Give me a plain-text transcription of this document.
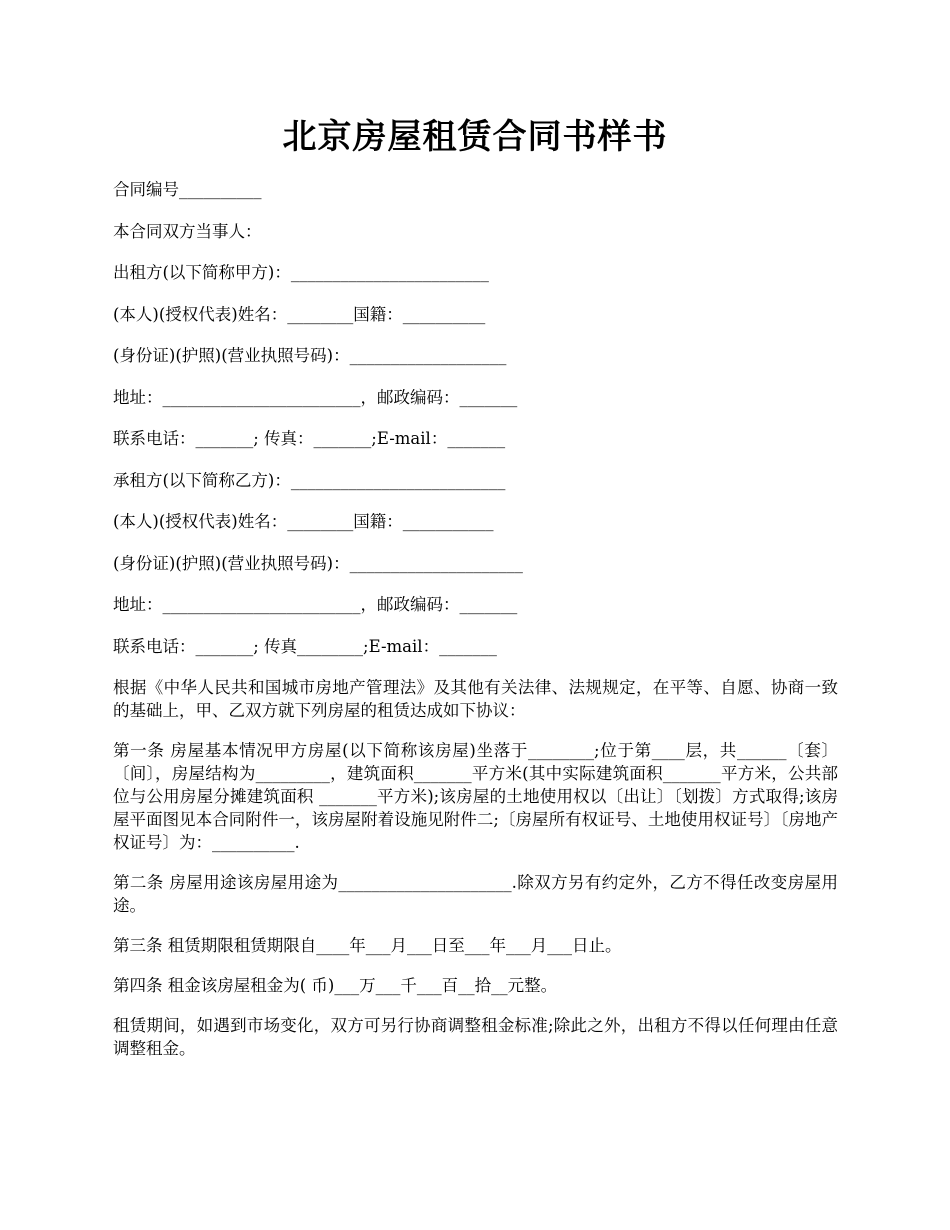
北京房屋租赁合同书样书
合同编号__________
本合同双方当事人：
出租方(以下简称甲方)：________________________
(本人)(授权代表)姓名：________国籍：__________
(身份证)(护照)(营业执照号码)：___________________
地址：________________________，邮政编码：_______
联系电话：_______; 传真：_______;E-mail：_______
承租方(以下简称乙方)：__________________________
(本人)(授权代表)姓名：________国籍：___________
(身份证)(护照)(营业执照号码)：_____________________
地址：________________________，邮政编码：_______
联系电话：_______; 传真________;E-mail：_______
根据《中华人民共和国城市房地产管理法》及其他有关法律、法规规定，在平等、自愿、协商一致的基础上，甲、乙双方就下列房屋的租赁达成如下协议：
第一条 房屋基本情况甲方房屋(以下简称该房屋)坐落于________;位于第____层，共______〔套〕〔间〕，房屋结构为_________，建筑面积_______平方米(其中实际建筑面积_______平方米，公共部位与公用房屋分摊建筑面积 _______平方米);该房屋的土地使用权以〔出让〕〔划拨〕方式取得;该房屋平面图见本合同附件一，该房屋附着设施见附件二;〔房屋所有权证号、土地使用权证号〕〔房地产权证号〕为：__________.
第二条 房屋用途该房屋用途为_____________________.除双方另有约定外，乙方不得任改变房屋用途。
第三条 租赁期限租赁期限自____年___月___日至___年___月___日止。
第四条 租金该房屋租金为( 币)___万___千___百__拾__元整。
租赁期间，如遇到市场变化，双方可另行协商调整租金标准;除此之外，出租方不得以任何理由任意调整租金。
